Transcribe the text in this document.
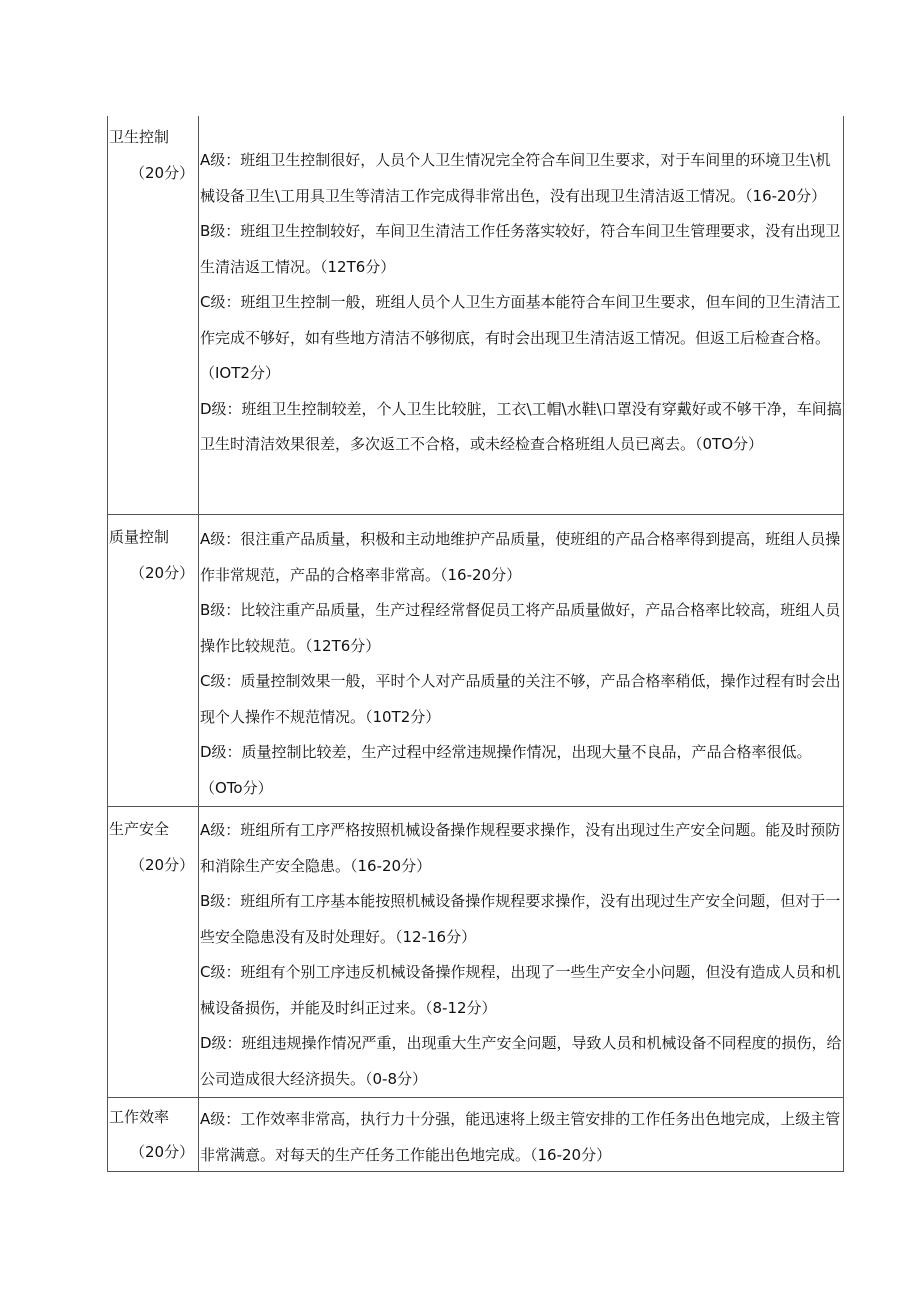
卫生控制
（20分）

A级：班组卫生控制很好，人员个人卫生情况完全符合车间卫生要求，对于车间里的环境卫生\机械设备卫生\工用具卫生等清洁工作完成得非常出色，没有出现卫生清洁返工情况。（16-20分）

B级：班组卫生控制较好，车间卫生清洁工作任务落实较好，符合车间卫生管理要求，没有出现卫生清洁返工情况。（12T6分）

C级：班组卫生控制一般，班组人员个人卫生方面基本能符合车间卫生要求，但车间的卫生清洁工作完成不够好，如有些地方清洁不够彻底，有时会出现卫生清洁返工情况。但返工后检查合格。（IOT2分）

D级：班组卫生控制较差，个人卫生比较脏，工衣\工帽\水鞋\口罩没有穿戴好或不够干净，车间搞卫生时清洁效果很差，多次返工不合格，或未经检查合格班组人员已离去。（0TO分）

质量控制
（20分）

A级：很注重产品质量，积极和主动地维护产品质量，使班组的产品合格率得到提高，班组人员操作非常规范，产品的合格率非常高。（16-20分）

B级：比较注重产品质量，生产过程经常督促员工将产品质量做好，产品合格率比较高，班组人员操作比较规范。（12T6分）

C级：质量控制效果一般，平时个人对产品质量的关注不够，产品合格率稍低，操作过程有时会出现个人操作不规范情况。（10T2分）

D级：质量控制比较差，生产过程中经常违规操作情况，出现大量不良品，产品合格率很低。（OTo分）

生产安全
（20分）

A级：班组所有工序严格按照机械设备操作规程要求操作，没有出现过生产安全问题。能及时预防和消除生产安全隐患。（16-20分）

B级：班组所有工序基本能按照机械设备操作规程要求操作，没有出现过生产安全问题，但对于一些安全隐患没有及时处理好。（12-16分）

C级：班组有个别工序违反机械设备操作规程，出现了一些生产安全小问题，但没有造成人员和机械设备损伤，并能及时纠正过来。（8-12分）

D级：班组违规操作情况严重，出现重大生产安全问题，导致人员和机械设备不同程度的损伤，给公司造成很大经济损失。（0-8分）

工作效率
（20分）

A级：工作效率非常高，执行力十分强，能迅速将上级主管安排的工作任务出色地完成，上级主管非常满意。对每天的生产任务工作能出色地完成。（16-20分）
